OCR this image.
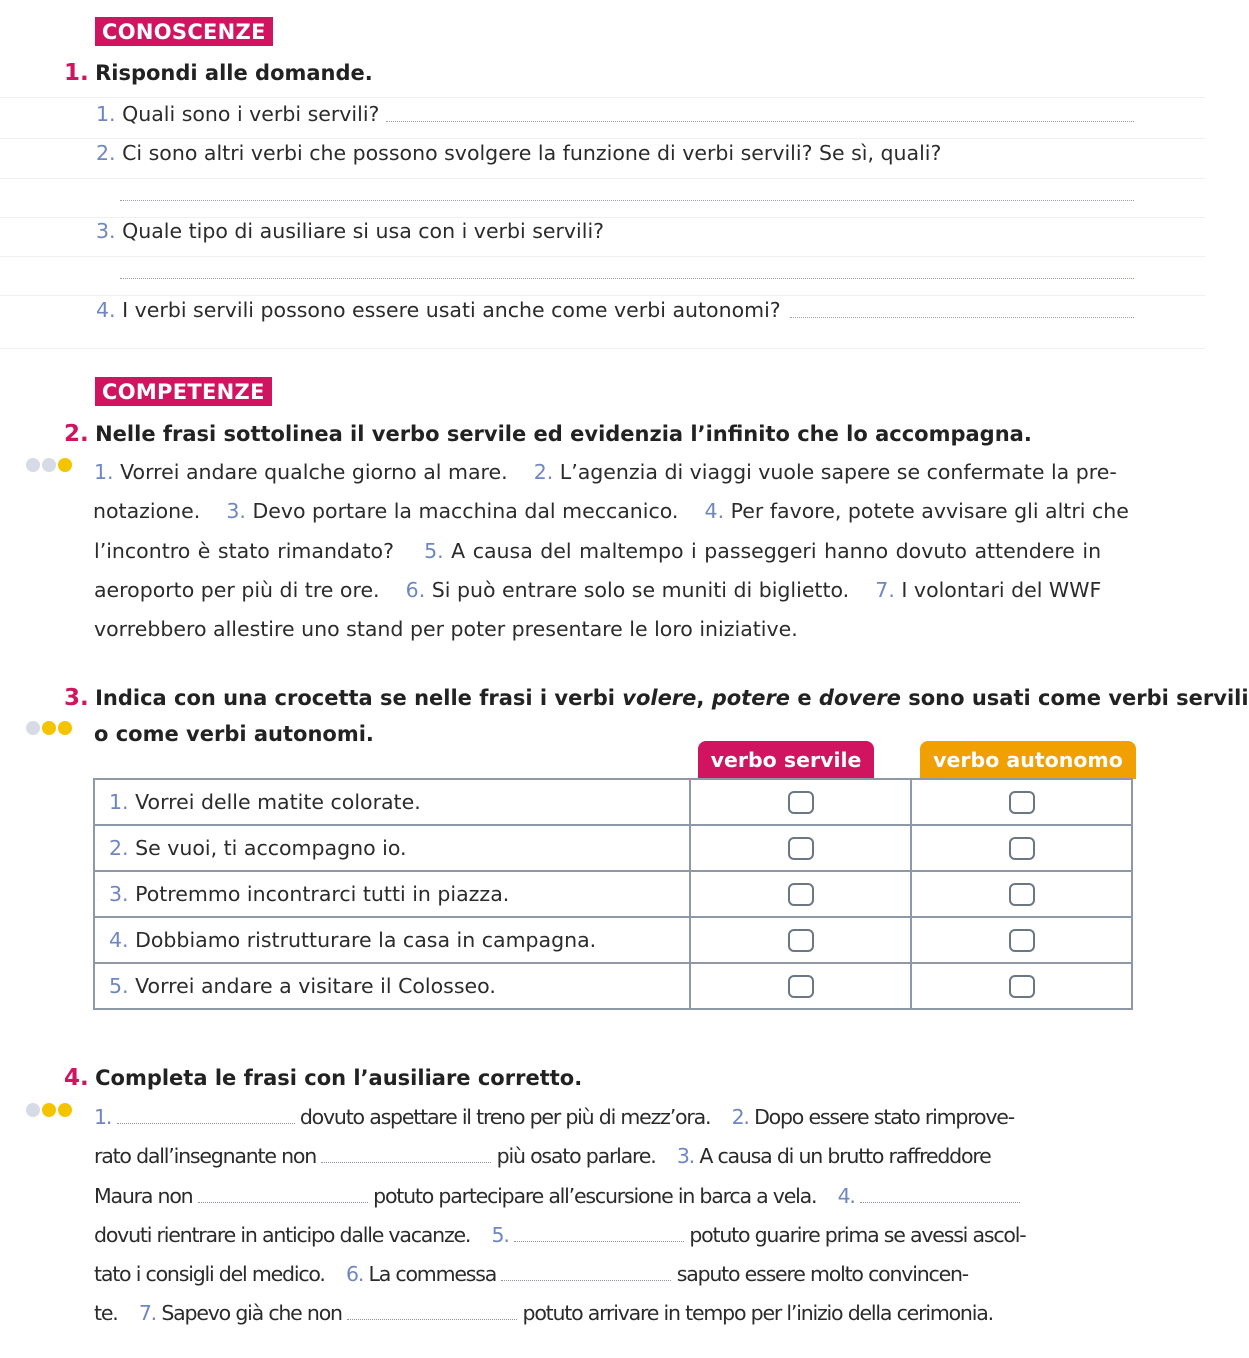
CONOSCENZE
1. Rispondi alle domande.
1. Quali sono i verbi servili?
2. Ci sono altri verbi che possono svolgere la funzione di verbi servili? Se sì, quali?
3. Quale tipo di ausiliare si usa con i verbi servili?
4. I verbi servili possono essere usati anche come verbi autonomi?
COMPETENZE
2. Nelle frasi sottolinea il verbo servile ed evidenzia l’infinito che lo accompagna.
1. Vorrei andare qualche giorno al mare. 2. L’agenzia di viaggi vuole sapere se confermate la pre-
notazione. 3. Devo portare la macchina dal meccanico. 4. Per favore, potete avvisare gli altri che
l’incontro è stato rimandato? 5. A causa del maltempo i passeggeri hanno dovuto attendere in
aeroporto per più di tre ore. 6. Si può entrare solo se muniti di biglietto. 7. I volontari del WWF
vorrebbero allestire uno stand per poter presentare le loro iniziative.
3. Indica con una crocetta se nelle frasi i verbi volere, potere e dovere sono usati come verbi servili
o come verbi autonomi.
verbo servile	verbo autonomo
1. Vorrei delle matite colorate.		
2. Se vuoi, ti accompagno io.		
3. Potremmo incontrarci tutti in piazza.		
4. Dobbiamo ristrutturare la casa in campagna.		
5. Vorrei andare a visitare il Colosseo.		
4. Completa le frasi con l’ausiliare corretto.
1.	dovuto aspettare il treno per più di mezz’ora. 2. Dopo essere stato rimprove-
rato dall’insegnante non	più osato parlare. 3. A causa di un brutto raffreddore
Maura non	potuto partecipare all’escursione in barca a vela. 4.
dovuti rientrare in anticipo dalle vacanze. 5.	potuto guarire prima se avessi ascol-
tato i consigli del medico. 6. La commessa	saputo essere molto convincen-
te. 7. Sapevo già che non	potuto arrivare in tempo per l’inizio della cerimonia.
